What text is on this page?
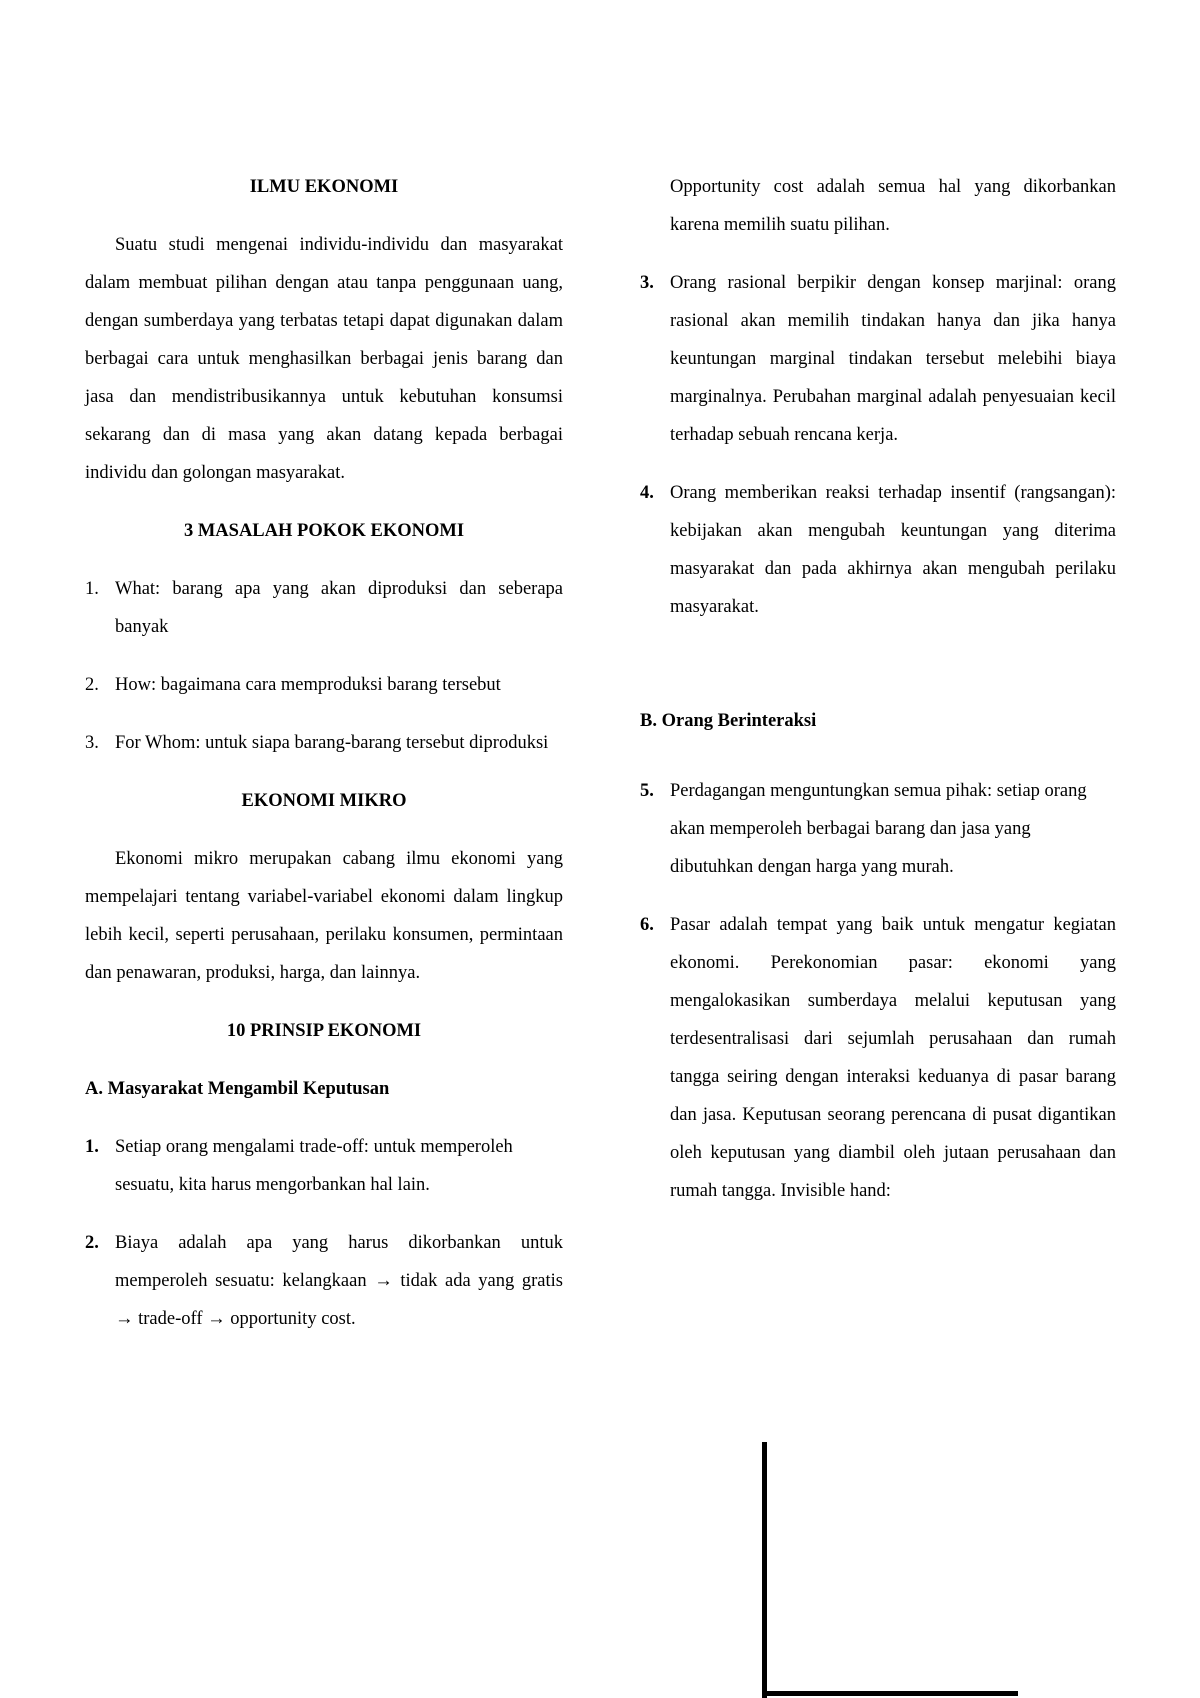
ILMU EKONOMI
Suatu studi mengenai individu-individu dan masyarakat dalam membuat pilihan dengan atau tanpa penggunaan uang, dengan sumberdaya yang terbatas tetapi dapat digunakan dalam berbagai cara untuk menghasilkan berbagai jenis barang dan jasa dan mendistribusikannya untuk kebutuhan konsumsi sekarang dan di masa yang akan datang kepada berbagai individu dan golongan masyarakat.
3 MASALAH POKOK EKONOMI
1. What: barang apa yang akan diproduksi dan seberapa banyak
2. How: bagaimana cara memproduksi barang tersebut
3. For Whom: untuk siapa barang-barang tersebut diproduksi
EKONOMI MIKRO
Ekonomi mikro merupakan cabang ilmu ekonomi yang mempelajari tentang variabel-variabel ekonomi dalam lingkup lebih kecil, seperti perusahaan, perilaku konsumen, permintaan dan penawaran, produksi, harga, dan lainnya.
10 PRINSIP EKONOMI
A. Masyarakat Mengambil Keputusan
1. Setiap orang mengalami trade-off: untuk memperoleh sesuatu, kita harus mengorbankan hal lain.
2. Biaya adalah apa yang harus dikorbankan untuk memperoleh sesuatu: kelangkaan → tidak ada yang gratis → trade-off → opportunity cost.
Opportunity cost adalah semua hal yang dikorbankan karena memilih suatu pilihan.
3. Orang rasional berpikir dengan konsep marjinal: orang rasional akan memilih tindakan hanya dan jika hanya keuntungan marginal tindakan tersebut melebihi biaya marginalnya. Perubahan marginal adalah penyesuaian kecil terhadap sebuah rencana kerja.
4. Orang memberikan reaksi terhadap insentif (rangsangan): kebijakan akan mengubah keuntungan yang diterima masyarakat dan pada akhirnya akan mengubah perilaku masyarakat.
B. Orang Berinteraksi
5. Perdagangan menguntungkan semua pihak: setiap orang akan memperoleh berbagai barang dan jasa yang dibutuhkan dengan harga yang murah.
6. Pasar adalah tempat yang baik untuk mengatur kegiatan ekonomi. Perekonomian pasar: ekonomi yang mengalokasikan sumberdaya melalui keputusan yang terdesentralisasi dari sejumlah perusahaan dan rumah tangga seiring dengan interaksi keduanya di pasar barang dan jasa. Keputusan seorang perencana di pusat digantikan oleh keputusan yang diambil oleh jutaan perusahaan dan rumah tangga. Invisible hand:
